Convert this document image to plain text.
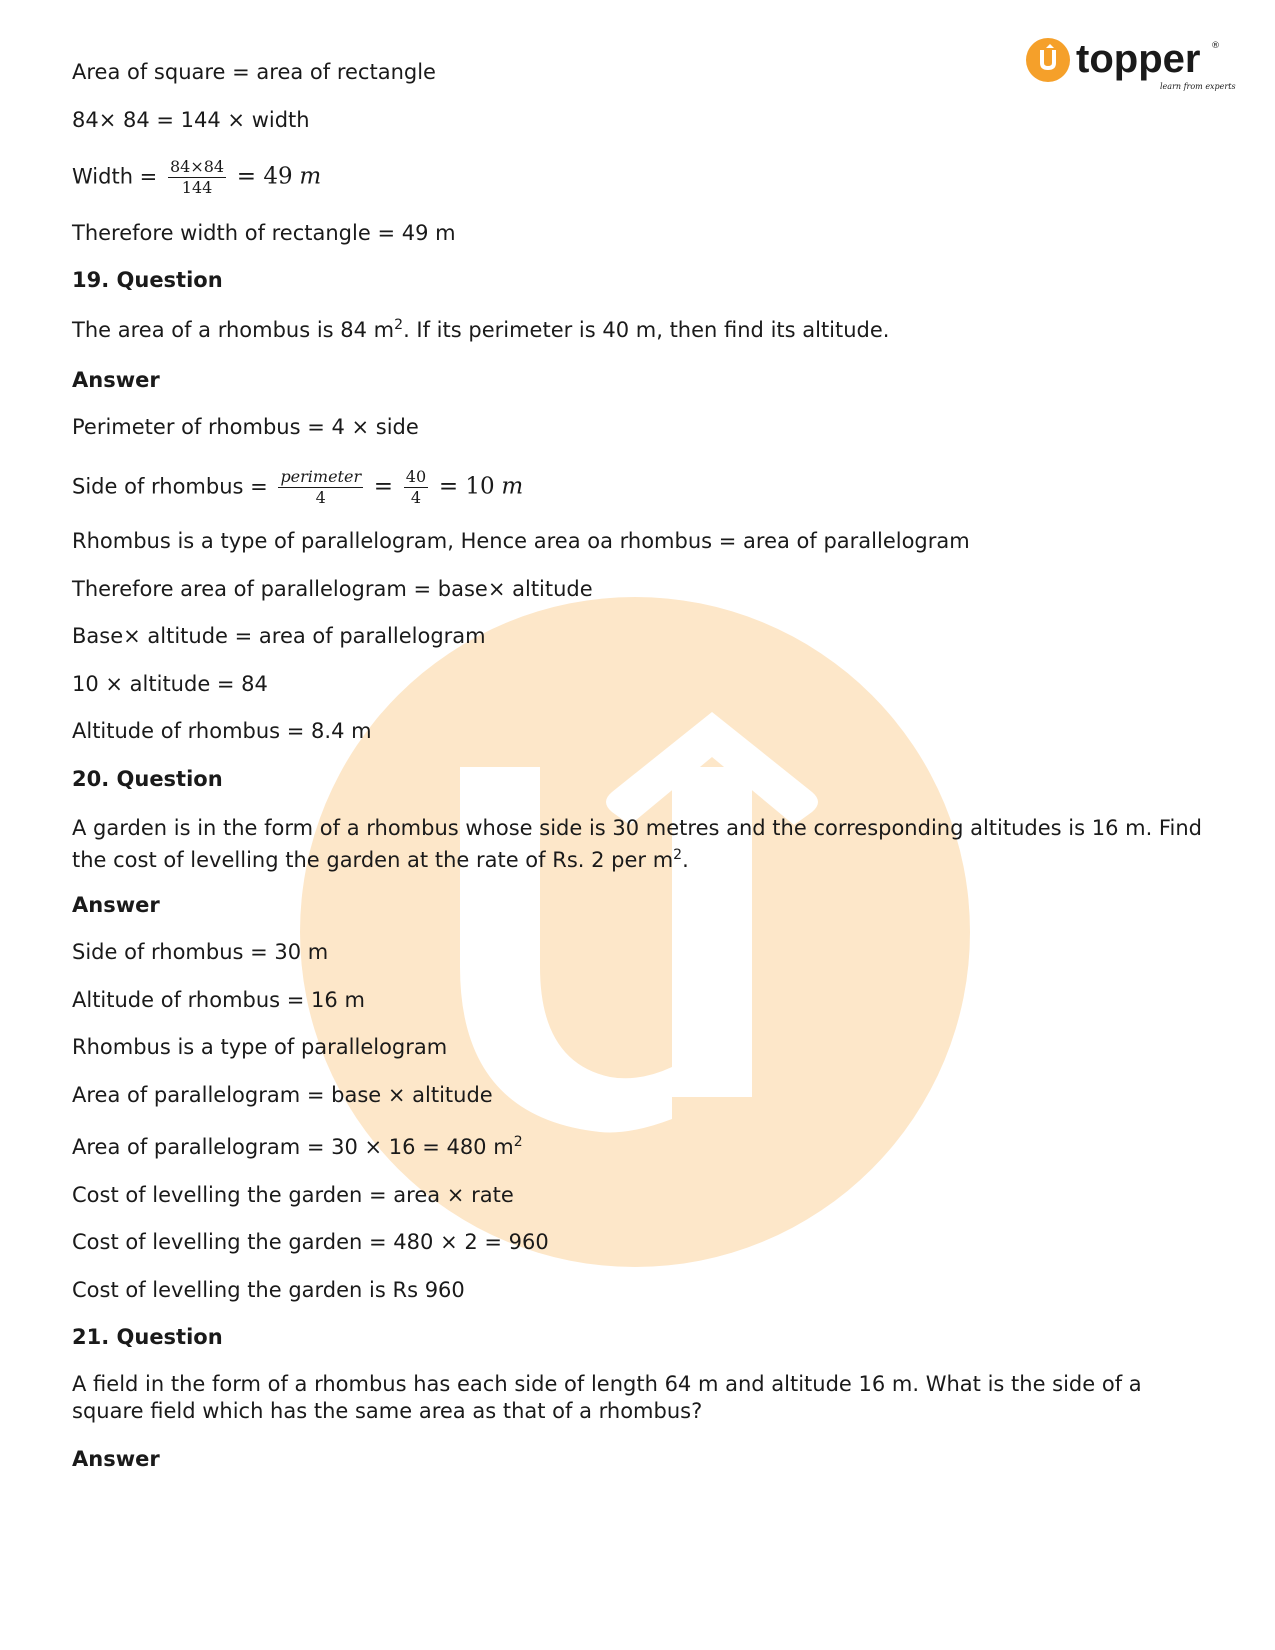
topper ®
learn from experts
Area of square = area of rectangle
84× 84 = 144 × width
Width = $\frac{84\times 84}{144} = 49$ m
Therefore width of rectangle = 49 m
19. Question
The area of a rhombus is 84 $m^2$. If its perimeter is 40 m, then find its altitude.
Answer
Perimeter of rhombus = 4 × side
Side of rhombus = $\frac{\text{perimeter}}{4} = \frac{40}{4} = 10$ m
Rhombus is a type of parallelogram, Hence area oa rhombus = area of parallelogram
Therefore area of parallelogram = base× altitude
Base× altitude = area of parallelogram
10 × altitude = 84
Altitude of rhombus = 8.4 m
20. Question
A garden is in the form of a rhombus whose side is 30 metres and the corresponding altitudes is 16 m. Find the cost of levelling the garden at the rate of Rs. 2 per $m^2$.
Answer
Side of rhombus = 30 m
Altitude of rhombus = 16 m
Rhombus is a type of parallelogram
Area of parallelogram = base × altitude
Area of parallelogram = 30 × 16 = 480 $m^2$
Cost of levelling the garden = area × rate
Cost of levelling the garden = 480 × 2 = 960
Cost of levelling the garden is Rs 960
21. Question
A field in the form of a rhombus has each side of length 64 m and altitude 16 m. What is the side of a square field which has the same area as that of a rhombus?
Answer
